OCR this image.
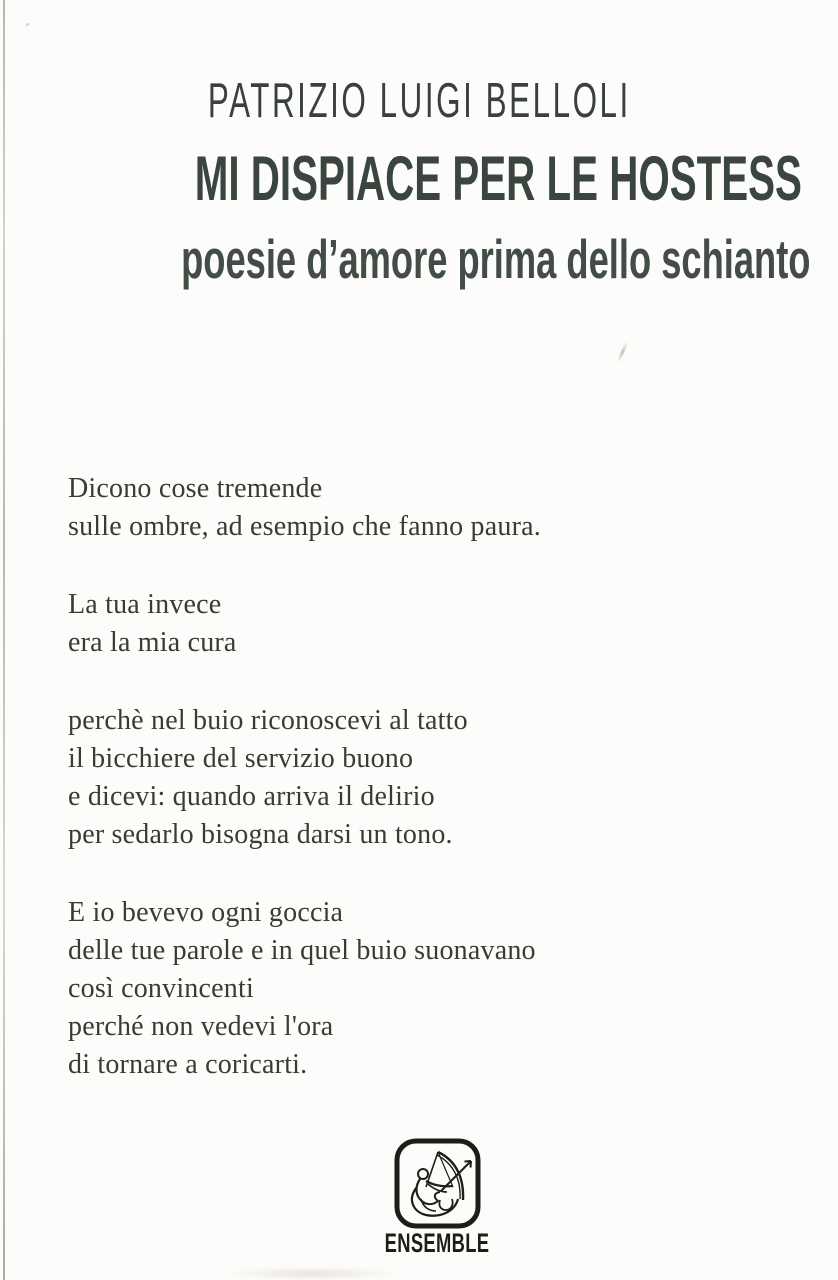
PATRIZIO LUIGI BELLOLI
MI DISPIACE PER LE HOSTESS
poesie d’amore prima dello schianto

Dicono cose tremende

sulle ombre, ad esempio che fanno paura.

La tua invece

era la mia cura

perchè nel buio riconoscevi al tatto

il bicchiere del servizio buono

e dicevi: quando arriva il delirio

per sedarlo bisogna darsi un tono.

E io bevevo ogni goccia

delle tue parole e in quel buio suonavano

così convincenti

perché non vedevi l'ora

di tornare a coricarti.

ENSEMBLE
